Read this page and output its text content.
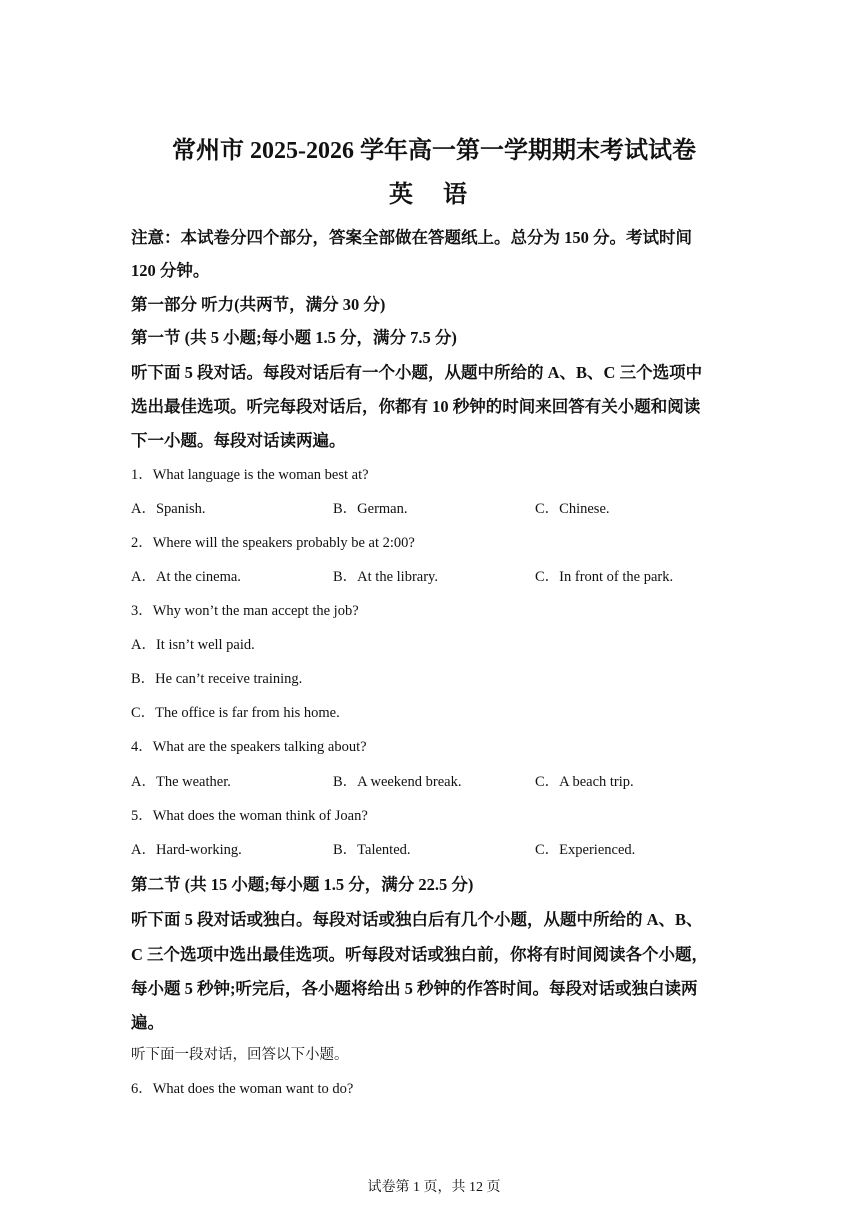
常州市 2025-2026 学年高一第一学期期末考试试卷
英 语
注意：本试卷分四个部分，答案全部做在答题纸上。总分为 150 分。考试时间
120 分钟。
第一部分 听力(共两节，满分 30 分)
第一节 (共 5 小题;每小题 1.5 分，满分 7.5 分)
听下面 5 段对话。每段对话后有一个小题，从题中所给的 A、B、C 三个选项中
选出最佳选项。听完每段对话后，你都有 10 秒钟的时间来回答有关小题和阅读
下一小题。每段对话读两遍。
1．What language is the woman best at?
A．Spanish.	B．German.	C．Chinese.
2．Where will the speakers probably be at 2:00?
A．At the cinema.	B．At the library.	C．In front of the park.
3．Why won’t the man accept the job?
A．It isn’t well paid.
B．He can’t receive training.
C．The office is far from his home.
4．What are the speakers talking about?
A．The weather.	B．A weekend break.	C．A beach trip.
5．What does the woman think of Joan?
A．Hard-working.	B．Talented.	C．Experienced.
第二节 (共 15 小题;每小题 1.5 分，满分 22.5 分)
听下面 5 段对话或独白。每段对话或独白后有几个小题，从题中所给的 A、B、
C 三个选项中选出最佳选项。听每段对话或独白前，你将有时间阅读各个小题，
每小题 5 秒钟;听完后，各小题将给出 5 秒钟的作答时间。每段对话或独白读两
遍。
听下面一段对话，回答以下小题。
6．What does the woman want to do?
试卷第 1 页，共 12 页
